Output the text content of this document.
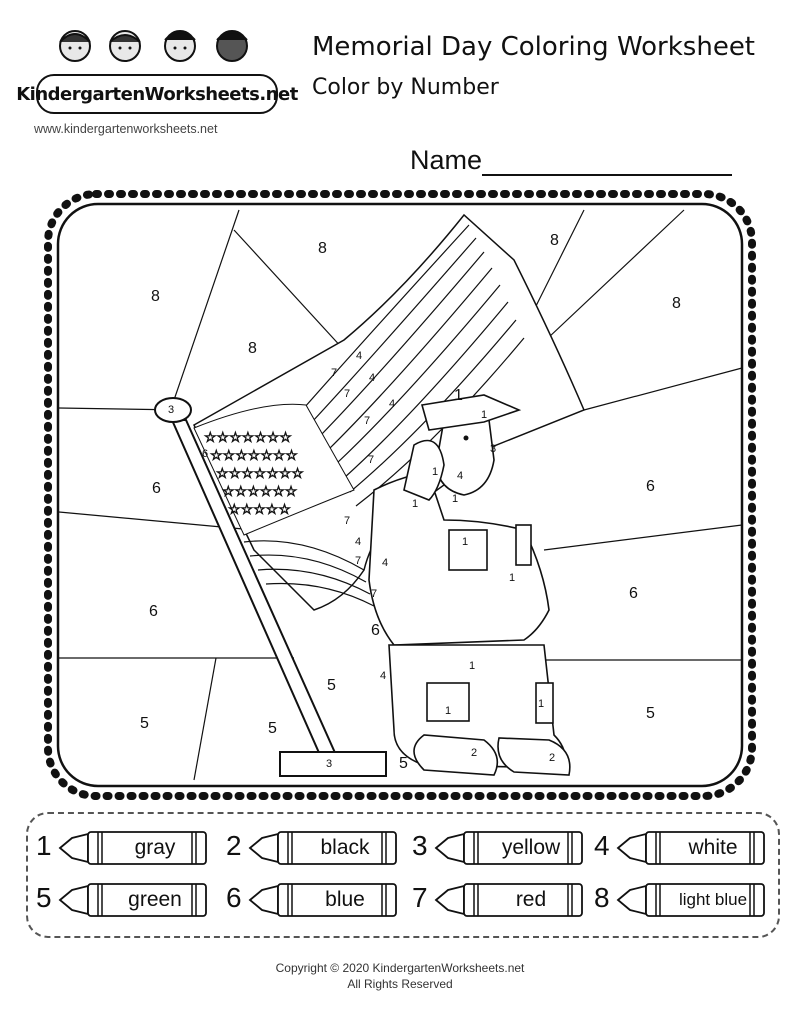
KindergartenWorksheets.net
www.kindergartenworksheets.net
Memorial Day Coloring Worksheet
Color by Number
Name
☆☆☆☆☆☆☆
☆☆☆☆☆☆☆
☆☆☆☆☆☆☆
☆☆☆☆☆☆
☆☆☆☆☆
8	8
8
8
8
6	6
6
6
6
6
5	5
5
5
5
3
3
3
1
1
1
1
1
1
1
1
1
1
4
4
4
4
4
4
4
7
7
7
7
7
7
7
2	2
1	gray	2	black	3	yellow	4	white
5	green	6	blue	7	red	8	light blue
Copyright © 2020 KindergartenWorksheets.net
All Rights Reserved
